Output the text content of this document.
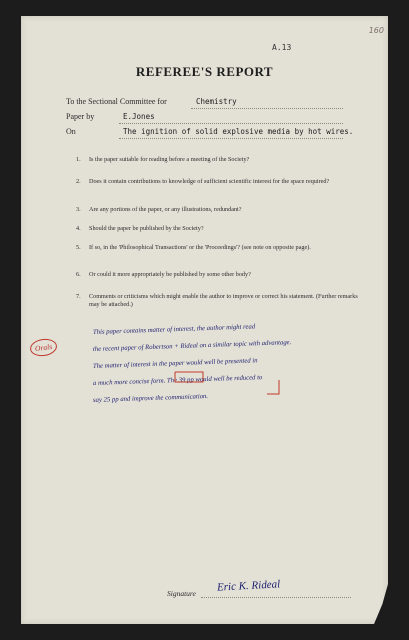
160
A.13
REFEREE'S REPORT
To the Sectional Committee for	Chemistry
Paper by	E.Jones
On	The ignition of solid explosive media by hot wires.
1. Is the paper suitable for reading before a meeting of the Society?
2. Does it contain contributions to knowledge of sufficient scientific interest for the space required?
3. Are any portions of the paper, or any illustrations, redundant?
4. Should the paper be published by the Society?
5. If so, in the 'Philosophical Transactions' or the 'Proceedings'? (see note on opposite page).
6. Or could it more appropriately be published by some other body?
7. Comments or criticisms which might enable the author to improve or correct his statement. (Further remarks may be attached.)
Orals
This paper contains matter of interest, the author might read
the recent paper of Robertson + Rideal on a similar topic with advantage.
The matter of interest in the paper would well be presented in
a much more concise form. The 39 pp would well be reduced to
say 25 pp and improve the communication.
Signature Eric K. Rideal
